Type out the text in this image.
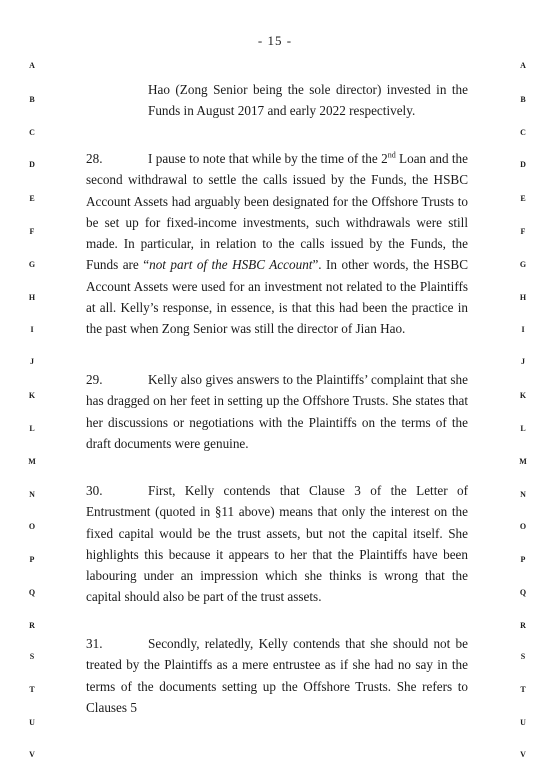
- 15 -
A
B
C
D
E
F
G
H
I
J
K
L
M
N
O
P
Q
R
S
T
U
V
A
B
C
D
E
F
G
H
I
J
K
L
M
N
O
P
Q
R
S
T
U
V

Hao (Zong Senior being the sole director) invested in the Funds in August 2017 and early 2022 respectively.

28.	I pause to note that while by the time of the 2nd Loan and the second withdrawal to settle the calls issued by the Funds, the HSBC Account Assets had arguably been designated for the Offshore Trusts to be set up for fixed-income investments, such withdrawals were still made. In particular, in relation to the calls issued by the Funds, the Funds are “not part of the HSBC Account”. In other words, the HSBC Account Assets were used for an investment not related to the Plaintiffs at all. Kelly’s response, in essence, is that this had been the practice in the past when Zong Senior was still the director of Jian Hao.

29.	Kelly also gives answers to the Plaintiffs’ complaint that she has dragged on her feet in setting up the Offshore Trusts. She states that her discussions or negotiations with the Plaintiffs on the terms of the draft documents were genuine.

30.	First, Kelly contends that Clause 3 of the Letter of Entrustment (quoted in §11 above) means that only the interest on the fixed capital would be the trust assets, but not the capital itself. She highlights this because it appears to her that the Plaintiffs have been labouring under an impression which she thinks is wrong that the capital should also be part of the trust assets.

31.	Secondly, relatedly, Kelly contends that she should not be treated by the Plaintiffs as a mere entrustee as if she had no say in the terms of the documents setting up the Offshore Trusts. She refers to Clauses 5
